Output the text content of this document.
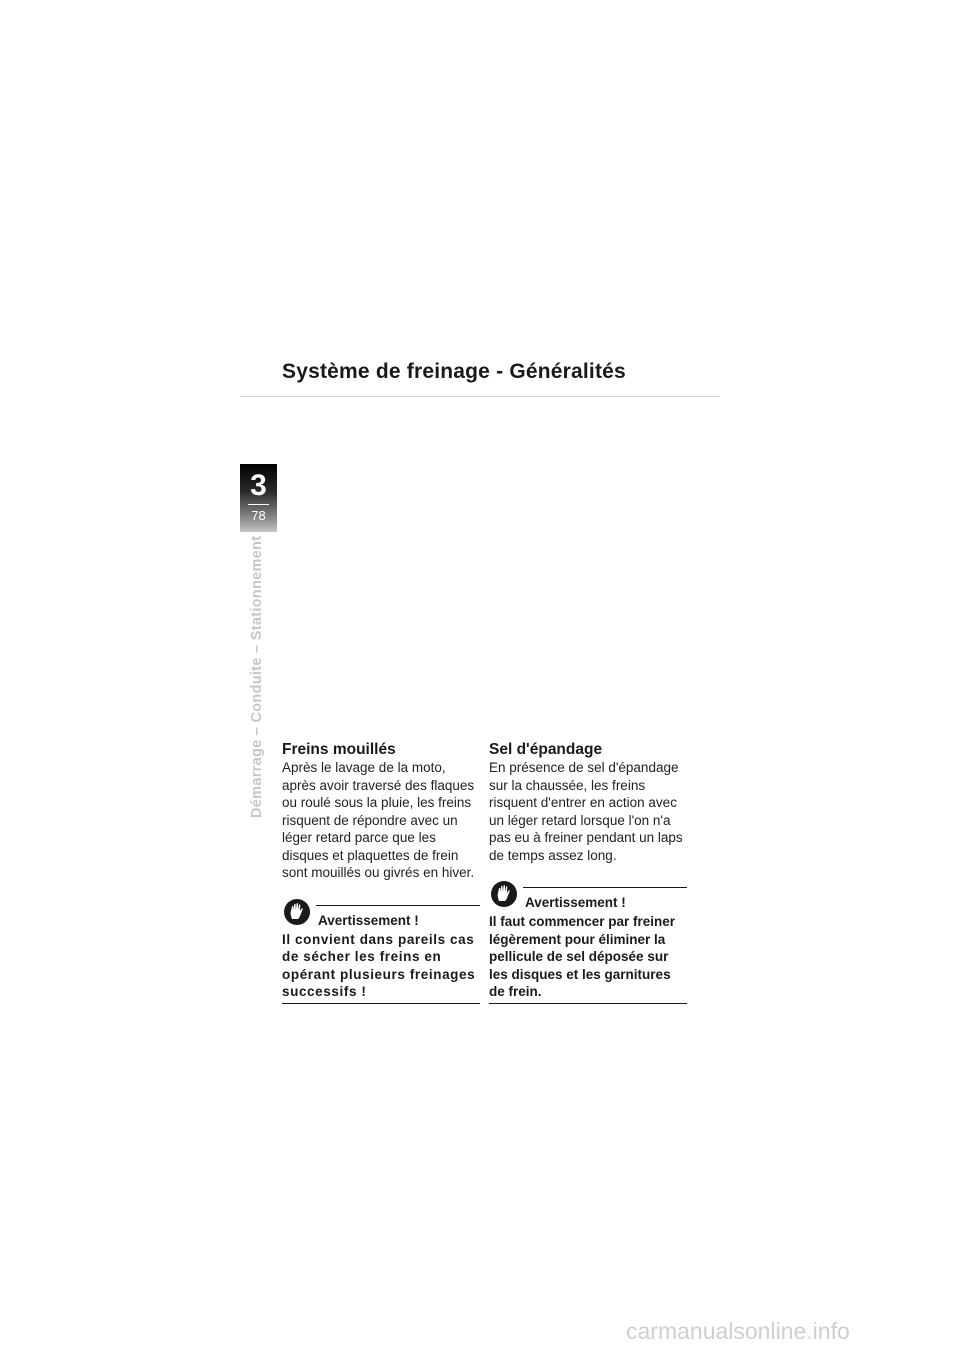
Système de freinage - Généralités
3
78
Démarrage – Conduite – Stationnement Freins mouillés
Après le lavage de la moto, après avoir traversé des flaques ou roulé sous la pluie, les freins risquent de répondre avec un léger retard parce que les disques et plaquettes de frein sont mouillés ou givrés en hiver.
Avertissement !
Il convient dans pareils cas de sécher les freins en opérant plusieurs freinages successifs !
Sel d'épandage
En présence de sel d'épandage sur la chaussée, les freins risquent d'entrer en action avec un léger retard lorsque l'on n'a pas eu à freiner pendant un laps de temps assez long.
Avertissement !
Il faut commencer par freiner légèrement pour éliminer la pellicule de sel déposée sur les disques et les garnitures de frein.
carmanualsonline.info
